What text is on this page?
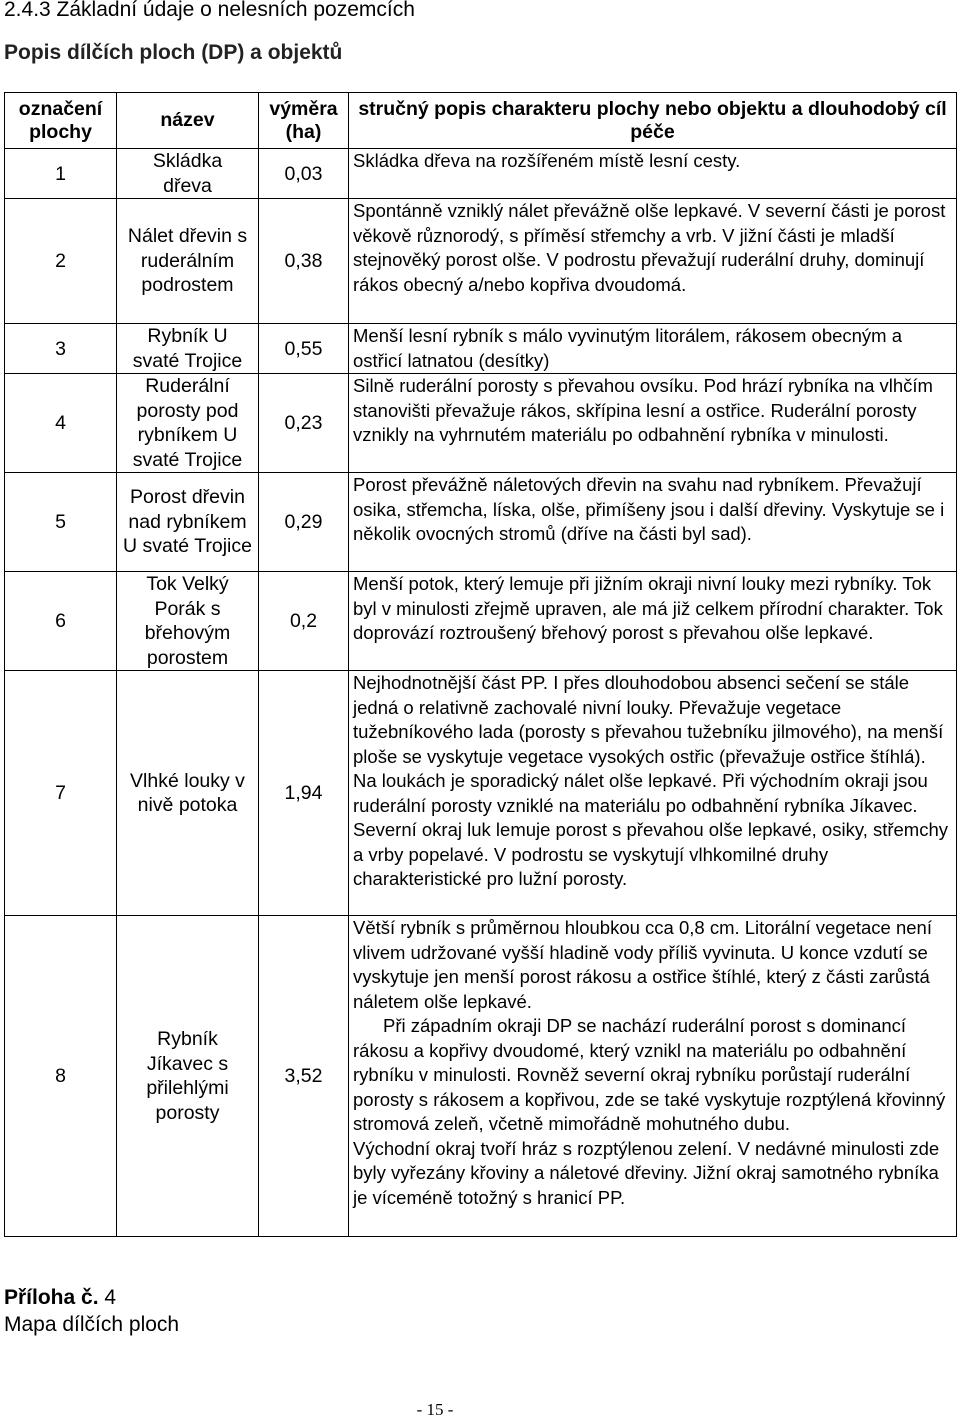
2.4.3 Základní údaje o nelesních pozemcích
Popis dílčích ploch (DP) a objektů
označení plochy	název	výměra (ha)	stručný popis charakteru plochy nebo objektu a dlouhodobý cíl péče
1	Skládka dřeva	0,03	Skládka dřeva na rozšířeném místě lesní cesty.

2	Nálet dřevin s ruderálním podrostem	0,38	Spontánně vzniklý nálet převážně olše lepkavé. V severní části je porost věkově různorodý, s příměsí střemchy a vrb. V jižní části je mladší stejnověký porost olše. V podrostu převažují ruderální druhy, dominují rákos obecný a/nebo kopřiva dvoudomá.

3	Rybník U svaté Trojice	0,55	Menší lesní rybník s málo vyvinutým litorálem, rákosem obecným a ostřicí latnatou (desítky)

4	Ruderální porosty pod rybníkem U svaté Trojice	0,23	Silně ruderální porosty s převahou ovsíku. Pod hrází rybníka na vlhčím stanovišti převažuje rákos, skřípina lesní a ostřice. Ruderální porosty vznikly na vyhrnutém materiálu po odbahnění rybníka v minulosti.

5	Porost dřevin nad rybníkem U svaté Trojice	0,29	Porost převážně náletových dřevin na svahu nad rybníkem. Převažují osika, střemcha, líska, olše, přimíšeny jsou i další dřeviny. Vyskytuje se i několik ovocných stromů (dříve na části byl sad).

6	Tok Velký Porák s břehovým porostem	0,2	Menší potok, který lemuje při jižním okraji nivní louky mezi rybníky. Tok byl v minulosti zřejmě upraven, ale má již celkem přírodní charakter. Tok doprovází roztroušený břehový porost s převahou olše lepkavé.

7	Vlhké louky v nivě potoka	1,94	Nejhodnotnější část PP. I přes dlouhodobou absenci sečení se stále jedná o relativně zachovalé nivní louky. Převažuje vegetace tužebníkového lada (porosty s převahou tužebníku jilmového), na menší ploše se vyskytuje vegetace vysokých ostřic (převažuje ostřice štíhlá).

Na loukách je sporadický nálet olše lepkavé. Při východním okraji jsou ruderální porosty vzniklé na materiálu po odbahnění rybníka Jíkavec. Severní okraj luk lemuje porost s převahou olše lepkavé, osiky, střemchy a vrby popelavé. V podrostu se vyskytují vlhkomilné druhy charakteristické pro lužní porosty.

8	Rybník Jíkavec s přilehlými porosty	3,52	Větší rybník s průměrnou hloubkou cca 0,8 cm. Litorální vegetace není vlivem udržované vyšší hladině vody příliš vyvinuta. U konce vzdutí se vyskytuje jen menší porost rákosu a ostřice štíhlé, který z části zarůstá náletem olše lepkavé.

Při západním okraji DP se nachází ruderální porost s dominancí rákosu a kopřivy dvoudomé, který vznikl na materiálu po odbahnění rybníku v minulosti. Rovněž severní okraj rybníku porůstají ruderální porosty s rákosem a kopřivou, zde se také vyskytuje rozptýlená křovinný stromová zeleň, včetně mimořádně mohutného dubu.

Východní okraj tvoří hráz s rozptýlenou zelení. V nedávné minulosti zde byly vyřezány křoviny a náletové dřeviny. Jižní okraj samotného rybníka je víceméně totožný s hranicí PP.

Příloha č. 4
Mapa dílčích ploch
- 15 -
